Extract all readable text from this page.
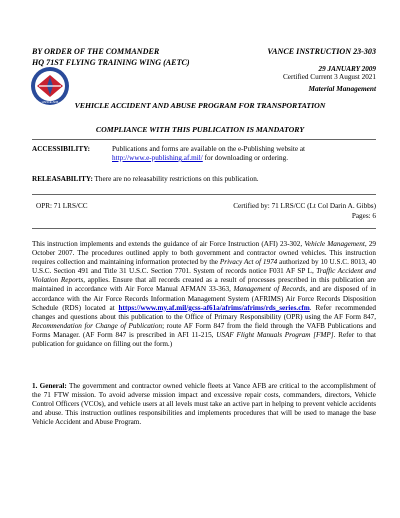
BY ORDER OF THE COMMANDER
HQ 71ST FLYING TRAINING WING (AETC)
VANCE INSTRUCTION 23-303
29 JANUARY 2009
Certified Current 3 August 2021
Material Management
VANCE AFB	VEHICLE ACCIDENT AND ABUSE PROGRAM FOR TRANSPORTATION
COMPLIANCE WITH THIS PUBLICATION IS MANDATORY
ACCESSIBILITY:	Publications and forms are available on the e-Publishing website at
http://www.e-publishing.af.mil/ for downloading or ordering.
RELEASABILITY: There are no releasability restrictions on this publication.
OPR: 71 LRS/CC	Certified by: 71 LRS/CC (Lt Col Darin A. Gibbs)
Pages: 6
This instruction implements and extends the guidance of air Force Instruction (AFI) 23-302, Vehicle Management, 29 October 2007. The procedures outlined apply to both government and contractor owned vehicles. This instruction requires collection and maintaining information protected by the Privacy Act of 1974 authorized by 10 U.S.C. 8013, 40 U.S.C. Section 491 and Title 31 U.S.C. Section 7701. System of records notice F031 AF SP L, Traffic Accident and Violation Reports, applies. Ensure that all records created as a result of processes prescribed in this publication are maintained in accordance with Air Force Manual AFMAN 33-363, Management of Records, and are disposed of in accordance with the Air Force Records Information Management System (AFRIMS) Air Force Records Disposition Schedule (RDS) located at https://www.my.af.mil/gcss-af61a/afrims/afrims/rds_series.cfm. Refer recommended changes and questions about this publication to the Office of Primary Responsibility (OPR) using the AF Form 847, Recommendation for Change of Publication; route AF Form 847 from the field through the VAFB Publications and Forms Manager. (AF Form 847 is prescribed in AFI 11-215, USAF Flight Manuals Program [FMP]. Refer to that publication for guidance on filling out the form.)
1. General: The government and contractor owned vehicle fleets at Vance AFB are critical to the accomplishment of the 71 FTW mission. To avoid adverse mission impact and excessive repair costs, commanders, directors, Vehicle Control Officers (VCOs), and vehicle users at all levels must take an active part in helping to prevent vehicle accidents and abuse. This instruction outlines responsibilities and implements procedures that will be used to manage the base Vehicle Accident and Abuse Program.
